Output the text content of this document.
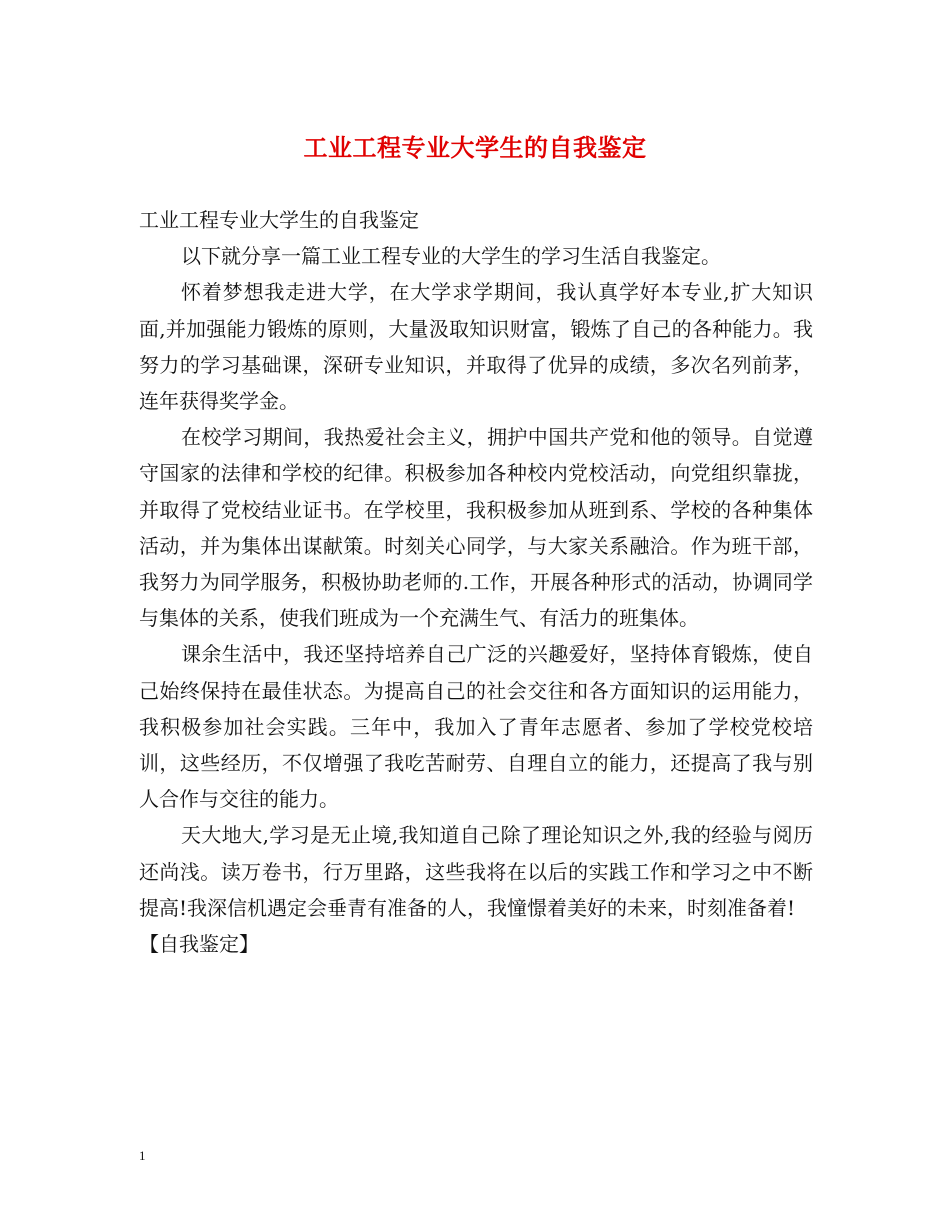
工业工程专业大学生的自我鉴定

工业工程专业大学生的自我鉴定

以下就分享一篇工业工程专业的大学生的学习生活自我鉴定。

怀着梦想我走进大学，在大学求学期间，我认真学好本专业,扩大知识面,并加强能力锻炼的原则，大量汲取知识财富，锻炼了自己的各种能力。我努力的学习基础课，深研专业知识，并取得了优异的成绩，多次名列前茅，连年获得奖学金。

在校学习期间，我热爱社会主义，拥护中国共产党和他的领导。自觉遵守国家的法律和学校的纪律。积极参加各种校内党校活动，向党组织靠拢，并取得了党校结业证书。在学校里，我积极参加从班到系、学校的各种集体活动，并为集体出谋献策。时刻关心同学，与大家关系融洽。作为班干部，我努力为同学服务，积极协助老师的.工作，开展各种形式的活动，协调同学与集体的关系，使我们班成为一个充满生气、有活力的班集体。

课余生活中，我还坚持培养自己广泛的兴趣爱好，坚持体育锻炼，使自己始终保持在最佳状态。为提高自己的社会交往和各方面知识的运用能力，我积极参加社会实践。三年中，我加入了青年志愿者、参加了学校党校培训，这些经历，不仅增强了我吃苦耐劳、自理自立的能力，还提高了我与别人合作与交往的能力。

天大地大,学习是无止境,我知道自己除了理论知识之外,我的经验与阅历还尚浅。读万卷书，行万里路，这些我将在以后的实践工作和学习之中不断提高!我深信机遇定会垂青有准备的人，我憧憬着美好的未来，时刻准备着!

【自我鉴定】

1
